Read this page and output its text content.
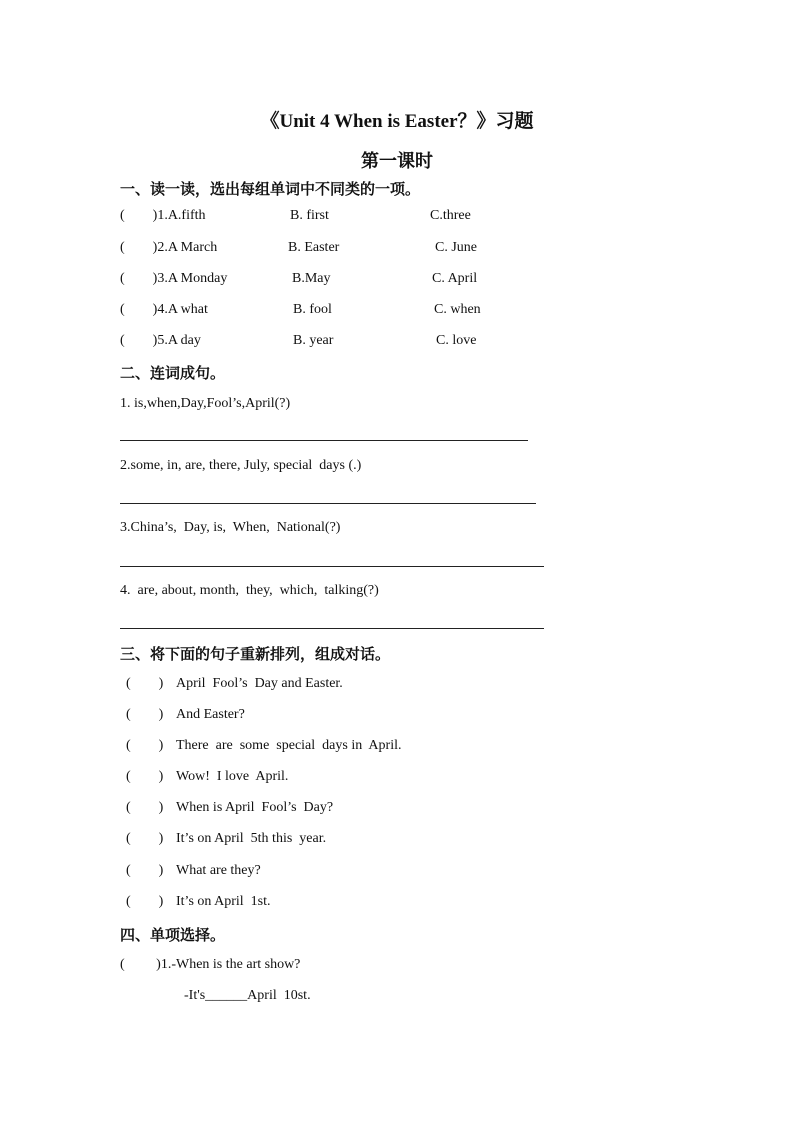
《Unit 4 When is Easter？》习题
第一课时
一、读一读，选出每组单词中不同类的一项。
(        )1.A.fifth	B. first	C.three
(        )2.A March	B. Easter	C. June
(        )3.A Monday	B.May	C. April
(        )4.A what	B. fool	C. when
(        )5.A day	B. year	C. love
二、连词成句。
1. is,when,Day,Fool’s,April(?)
2.some, in, are, there, July, special  days (.)
3.China’s,  Day, is,  When,  National(?)
4.  are, about, month,  they,  which,  talking(?)
三、将下面的句子重新排列，组成对话。
(        ) April  Fool’s  Day and Easter.
(        ) And Easter?
(        ) There  are  some  special  days in  April.
(        ) Wow!  I love  April.
(        ) When is April  Fool’s  Day?
(        ) It’s on April  5th this  year.
(        ) What are they?
(        ) It’s on April  1st.
四、单项选择。
(         )1.-When is the art show?
-It's______April  10st.
